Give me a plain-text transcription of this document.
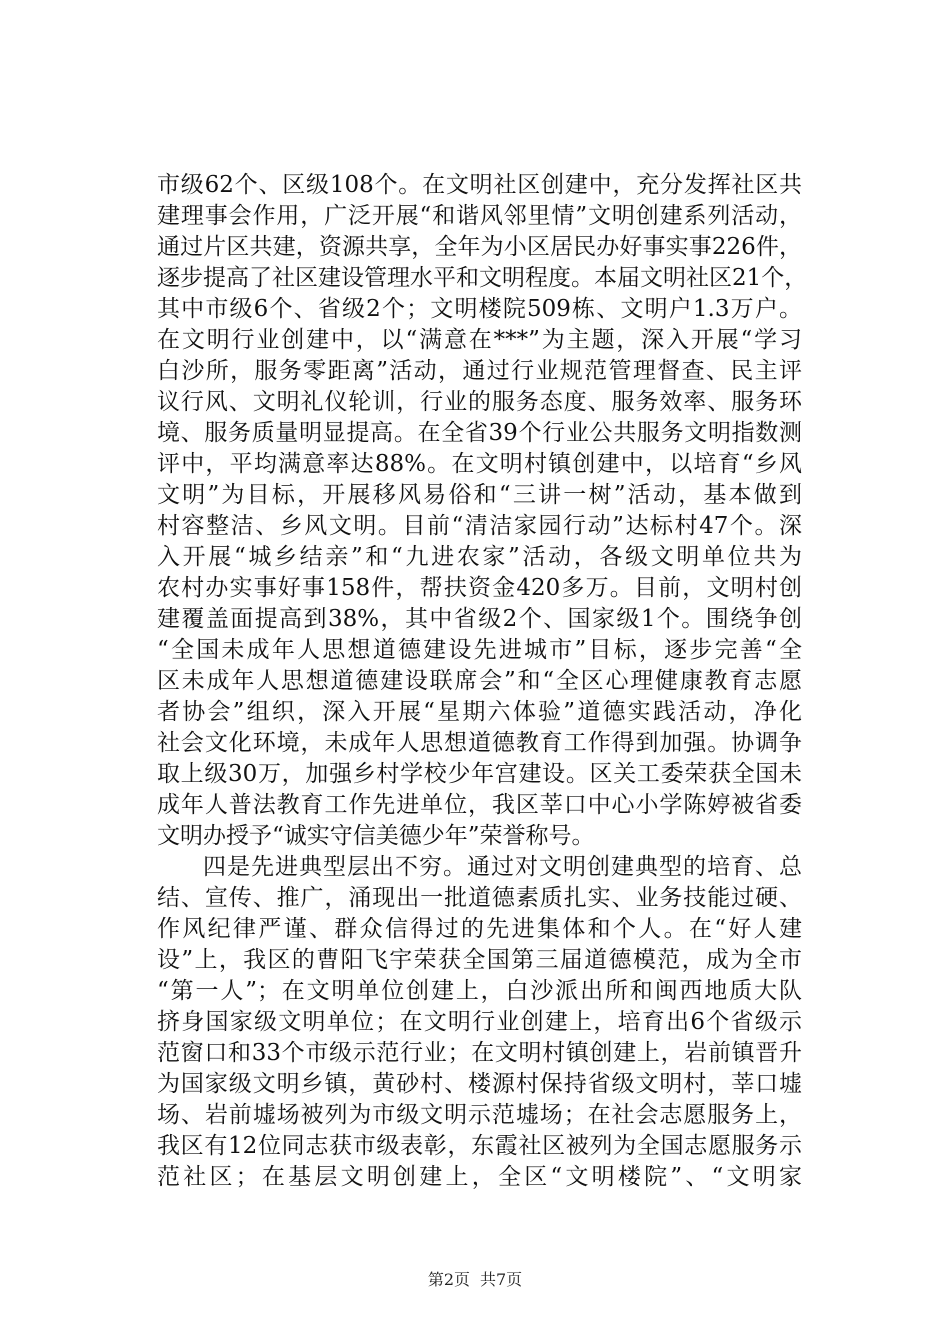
市级62个、区级108个。在文明社区创建中，充分发挥社区共
建理事会作用，广泛开展“和谐风邻里情”文明创建系列活动，
通过片区共建，资源共享，全年为小区居民办好事实事226件，
逐步提高了社区建设管理水平和文明程度。本届文明社区21个，
其中市级6个、省级2个；文明楼院509栋、文明户1.3万户。
在文明行业创建中，以“满意在***”为主题，深入开展“学习
白沙所，服务零距离”活动，通过行业规范管理督查、民主评
议行风、文明礼仪轮训，行业的服务态度、服务效率、服务环
境、服务质量明显提高。在全省39个行业公共服务文明指数测
评中，平均满意率达88%。在文明村镇创建中，以培育“乡风
文明”为目标，开展移风易俗和“三讲一树”活动，基本做到
村容整洁、乡风文明。目前“清洁家园行动”达标村47个。深
入开展“城乡结亲”和“九进农家”活动，各级文明单位共为
农村办实事好事158件，帮扶资金420多万。目前，文明村创
建覆盖面提高到38%，其中省级2个、国家级1个。围绕争创
“全国未成年人思想道德建设先进城市”目标，逐步完善“全
区未成年人思想道德建设联席会”和“全区心理健康教育志愿
者协会”组织，深入开展“星期六体验”道德实践活动，净化
社会文化环境，未成年人思想道德教育工作得到加强。协调争
取上级30万，加强乡村学校少年宫建设。区关工委荣获全国未
成年人普法教育工作先进单位，我区莘口中心小学陈婷被省委
文明办授予“诚实守信美德少年”荣誉称号。
四是先进典型层出不穷。通过对文明创建典型的培育、总
结、宣传、推广，涌现出一批道德素质扎实、业务技能过硬、
作风纪律严谨、群众信得过的先进集体和个人。在“好人建
设”上，我区的曹阳飞宇荣获全国第三届道德模范，成为全市
“第一人”；在文明单位创建上，白沙派出所和闽西地质大队
挤身国家级文明单位；在文明行业创建上，培育出6个省级示
范窗口和33个市级示范行业；在文明村镇创建上，岩前镇晋升
为国家级文明乡镇，黄砂村、楼源村保持省级文明村，莘口墟
场、岩前墟场被列为市级文明示范墟场；在社会志愿服务上，
我区有12位同志获市级表彰，东霞社区被列为全国志愿服务示
范社区；在基层文明创建上，全区“文明楼院”、“文明家
第2页 共7页
